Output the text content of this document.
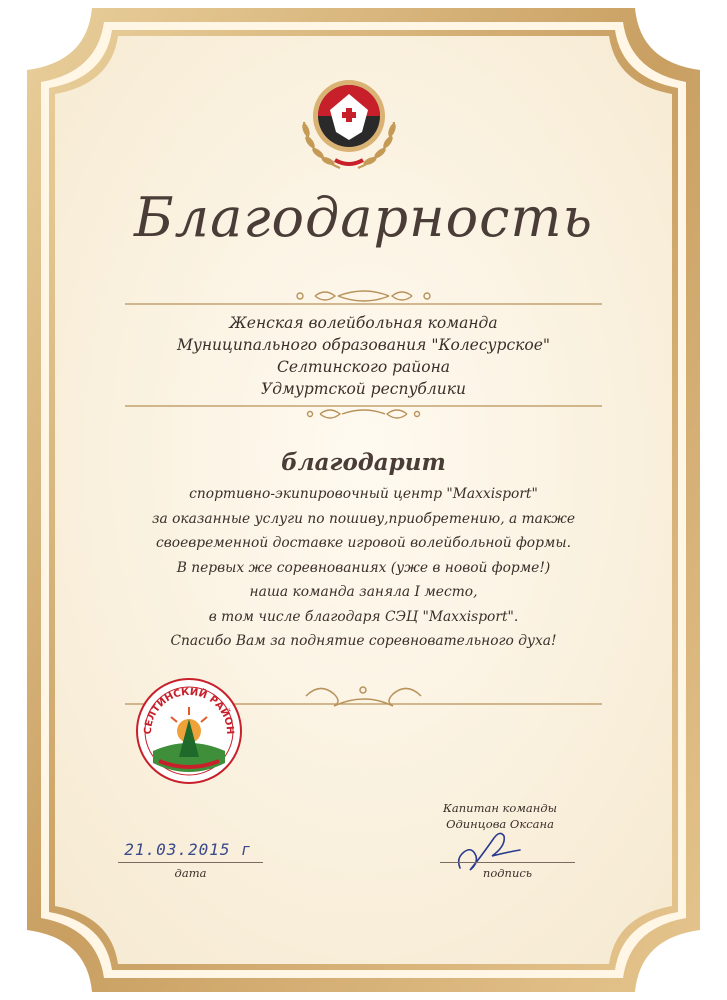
Благодарность
Женская волейбольная команда
Муниципального образования "Колесурское"
Селтинского района
Удмуртской республики
благодарит
спортивно-экипировочный центр "Maxxisport"
за оказанные услуги по пошиву,приобретению, а также
своевременной доставке игровой волейбольной формы.
В первых же соревнованиях (уже в новой форме!)
наша команда заняла I место,
в том числе благодаря СЭЦ "Maxxisport".
Спасибо Вам за поднятие соревновательного духа!
СЕЛТИНСКИЙ РАЙОН
Капитан команды
Одинцова Оксана
21.03.2015 г
дата	подпись
